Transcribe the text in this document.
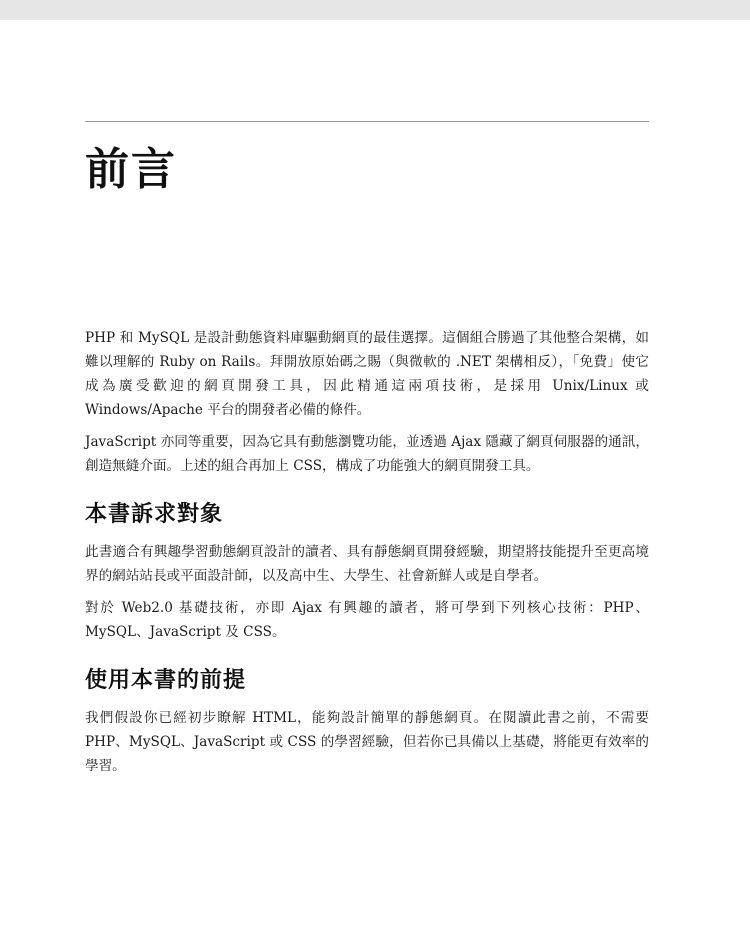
前言

PHP 和 MySQL 是設計動態資料庫驅動網頁的最佳選擇。這個組合勝過了其他整合架構，如難以理解的 Ruby on Rails。拜開放原始碼之賜（與微軟的 .NET 架構相反），「免費」使它成為廣受歡迎的網頁開發工具，因此精通這兩項技術，是採用 Unix/Linux 或 Windows/Apache 平台的開發者必備的條件。

JavaScript 亦同等重要，因為它具有動態瀏覽功能，並透過 Ajax 隱藏了網頁伺服器的通訊，創造無縫介面。上述的組合再加上 CSS，構成了功能強大的網頁開發工具。

本書訴求對象

此書適合有興趣學習動態網頁設計的讀者、具有靜態網頁開發經驗，期望將技能提升至更高境界的網站站長或平面設計師，以及高中生、大學生、社會新鮮人或是自學者。

對於 Web2.0 基礎技術，亦即 Ajax 有興趣的讀者，將可學到下列核心技術：PHP、MySQL、JavaScript 及 CSS。

使用本書的前提

我們假設你已經初步瞭解 HTML，能夠設計簡單的靜態網頁。在閱讀此書之前，不需要 PHP、MySQL、JavaScript 或 CSS 的學習經驗，但若你已具備以上基礎，將能更有效率的學習。
